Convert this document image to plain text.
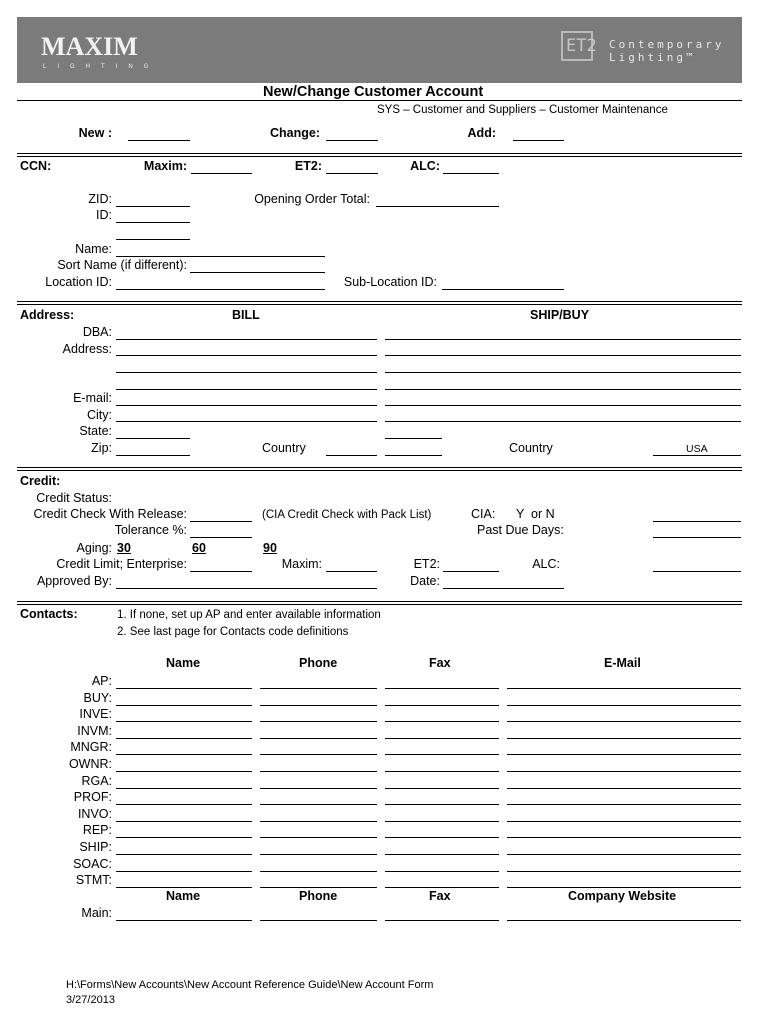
MAXIM
LIGHTING
ET2 Contemporary
Lighting™
New/Change Customer Account
SYS – Customer and Suppliers – Customer Maintenance
New :	Change:	Add:
CCN:	Maxim:	ET2:	ALC:
ZID:	Opening Order Total:
ID:
Name:
Sort Name (if different):
Location ID:	Sub-Location ID:
Address:	BILL	SHIP/BUY
DBA:
Address:
E-mail:
City:
State:
Zip:	Country	Country	USA
Credit:
Credit Status:
Credit Check With Release:	(CIA Credit Check with Pack List)	CIA: Y  or N
Tolerance %:	Past Due Days:
Aging: 30	60	90
Credit Limit; Enterprise:	Maxim:	ET2:	ALC:
Approved By:	Date:
Contacts:	1. If none, set up AP and enter available information
2. See last page for Contacts code definitions
Name	Phone	Fax	E-Mail
AP:
BUY:
INVE:
INVM:
MNGR:
OWNR:
RGA:
PROF:
INVO:
REP:
SHIP:
SOAC:
STMT:
Name	Phone	Fax	Company Website
Main:
H:\Forms\New Accounts\New Account Reference Guide\New Account Form
3/27/2013
